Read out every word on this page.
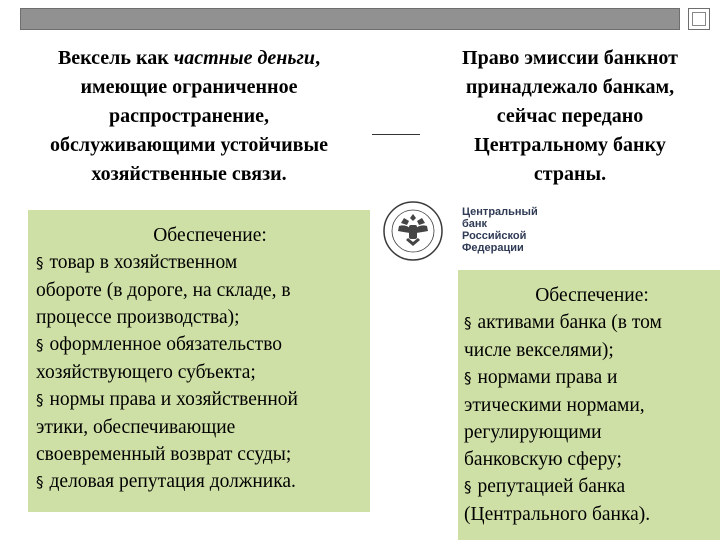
Вексель как частные деньги,
имеющие ограниченное
распространение,
обслуживающими устойчивые
хозяйственные связи.
Право эмиссии банкнот
принадлежало банкам,
сейчас передано
Центральному банку
страны.
Обеспечение:
§ товар в хозяйственном
обороте (в дороге, на складе, в
процессе производства);
§ оформленное обязательство
хозяйствующего субъекта;
§ нормы права и хозяйственной
этики, обеспечивающие
своевременный возврат ссуды;
§ деловая репутация должника.
Центральный
банк
Российской
Федерации
Обеспечение:
§ активами банка (в том
числе векселями);
§ нормами права и
этическими нормами,
регулирующими
банковскую сферу;
§ репутацией банка
(Центрального банка).
